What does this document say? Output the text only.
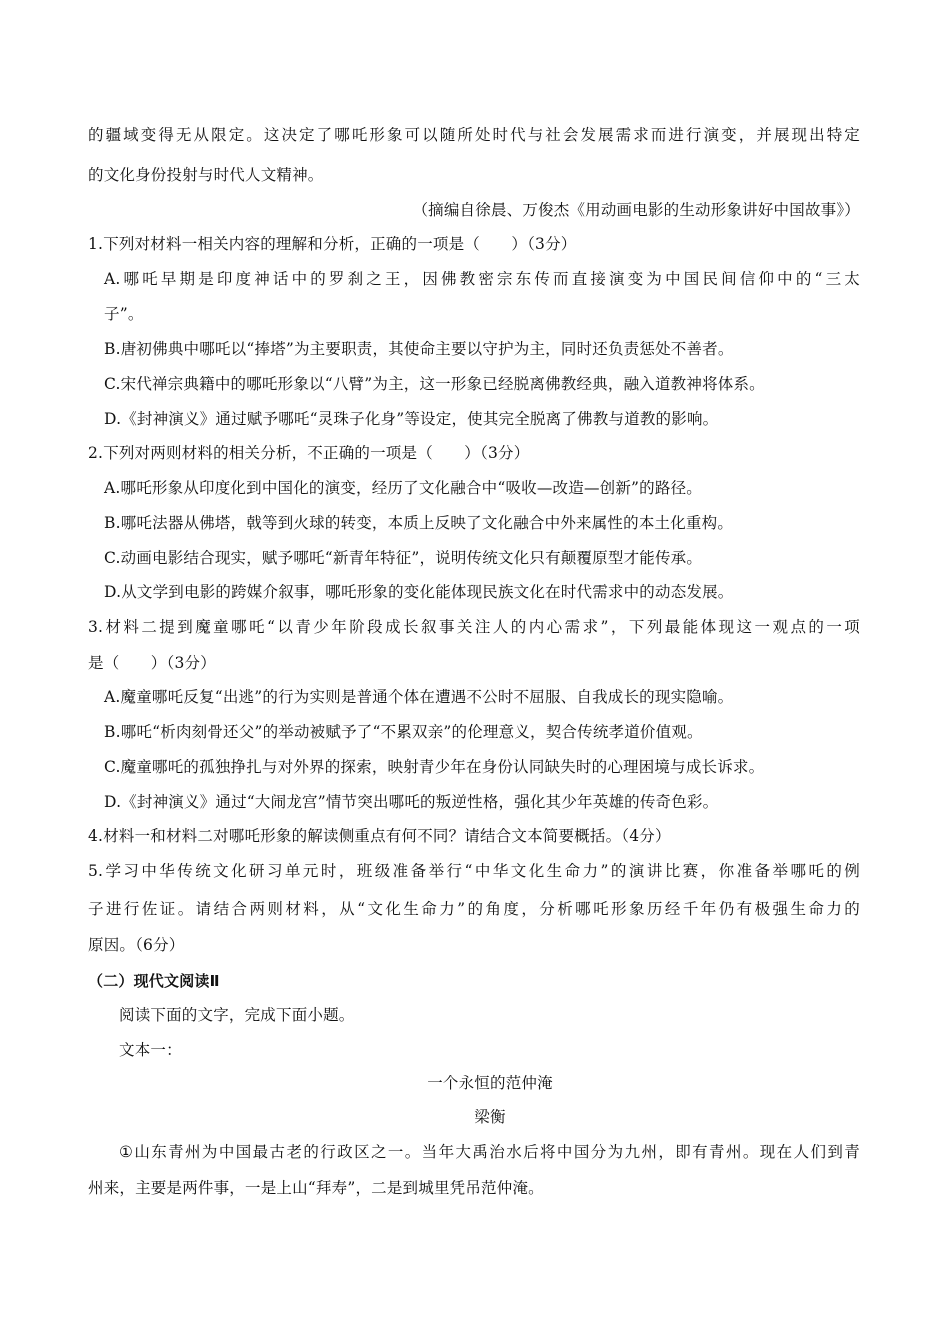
的疆域变得无从限定。这决定了哪吒形象可以随所处时代与社会发展需求而进行演变，并展现出特定
的文化身份投射与时代人文精神。
（摘编自徐晨、万俊杰《用动画电影的生动形象讲好中国故事》）
1.下列对材料一相关内容的理解和分析，正确的一项是（　　）（3分）
A.哪吒早期是印度神话中的罗刹之王，因佛教密宗东传而直接演变为中国民间信仰中的“三太
子”。
B.唐初佛典中哪吒以“捧塔”为主要职责，其使命主要以守护为主，同时还负责惩处不善者。
C.宋代禅宗典籍中的哪吒形象以“八臂”为主，这一形象已经脱离佛教经典，融入道教神将体系。
D.《封神演义》通过赋予哪吒“灵珠子化身”等设定，使其完全脱离了佛教与道教的影响。
2.下列对两则材料的相关分析，不正确的一项是（　　）（3分）
A.哪吒形象从印度化到中国化的演变，经历了文化融合中“吸收—改造—创新”的路径。
B.哪吒法器从佛塔，戟等到火球的转变，本质上反映了文化融合中外来属性的本土化重构。
C.动画电影结合现实，赋予哪吒“新青年特征”，说明传统文化只有颠覆原型才能传承。
D.从文学到电影的跨媒介叙事，哪吒形象的变化能体现民族文化在时代需求中的动态发展。
3.材料二提到魔童哪吒“以青少年阶段成长叙事关注人的内心需求”，下列最能体现这一观点的一项
是（　　）（3分）
A.魔童哪吒反复“出逃”的行为实则是普通个体在遭遇不公时不屈服、自我成长的现实隐喻。
B.哪吒“析肉刻骨还父”的举动被赋予了“不累双亲”的伦理意义，契合传统孝道价值观。
C.魔童哪吒的孤独挣扎与对外界的探索，映射青少年在身份认同缺失时的心理困境与成长诉求。
D.《封神演义》通过“大闹龙宫”情节突出哪吒的叛逆性格，强化其少年英雄的传奇色彩。
4.材料一和材料二对哪吒形象的解读侧重点有何不同？请结合文本简要概括。（4分）
5.学习中华传统文化研习单元时，班级准备举行“中华文化生命力”的演讲比赛，你准备举哪吒的例
子进行佐证。请结合两则材料，从“文化生命力”的角度，分析哪吒形象历经千年仍有极强生命力的
原因。（6分）
（二）现代文阅读Ⅱ
阅读下面的文字，完成下面小题。
文本一：
一个永恒的范仲淹
梁衡
①山东青州为中国最古老的行政区之一。当年大禹治水后将中国分为九州，即有青州。现在人们到青
州来，主要是两件事，一是上山“拜寿”，二是到城里凭吊范仲淹。
